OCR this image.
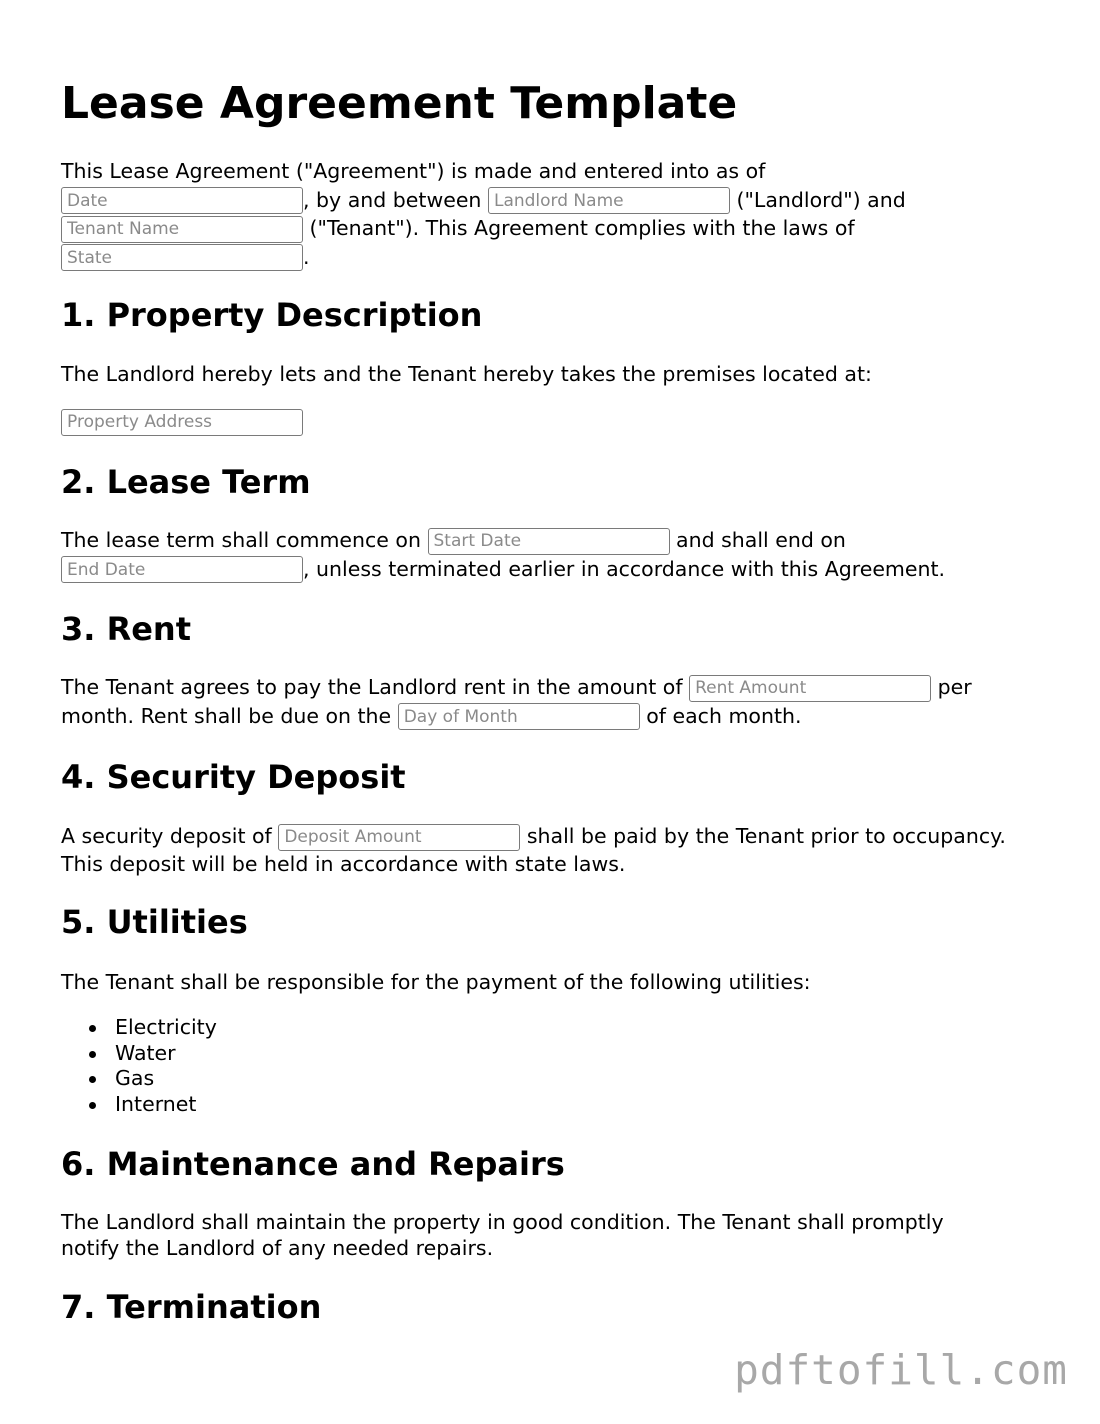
Lease Agreement Template
This Lease Agreement ("Agreement") is made and entered into as of
Date, by and between Landlord Name	("Landlord") and
Tenant Name ("Tenant"). This Agreement complies with the laws of
State.
1. Property Description
The Landlord hereby lets and the Tenant hereby takes the premises located at:
Property Address
2. Lease Term
The lease term shall commence on Start Date	and shall end on
End Date, unless terminated earlier in accordance with this Agreement.
3. Rent
The Tenant agrees to pay the Landlord rent in the amount of Rent Amount	per month. Rent shall be due on the Day of Month	of each month.
4. Security Deposit
A security deposit of Deposit Amount	shall be paid by the Tenant prior to occupancy. This deposit will be held in accordance with state laws.
5. Utilities
The Tenant shall be responsible for the payment of the following utilities:
Electricity
Water
Gas
Internet
6. Maintenance and Repairs
The Landlord shall maintain the property in good condition. The Tenant shall promptly notify the Landlord of any needed repairs.
7. Termination
pdftofill.com
